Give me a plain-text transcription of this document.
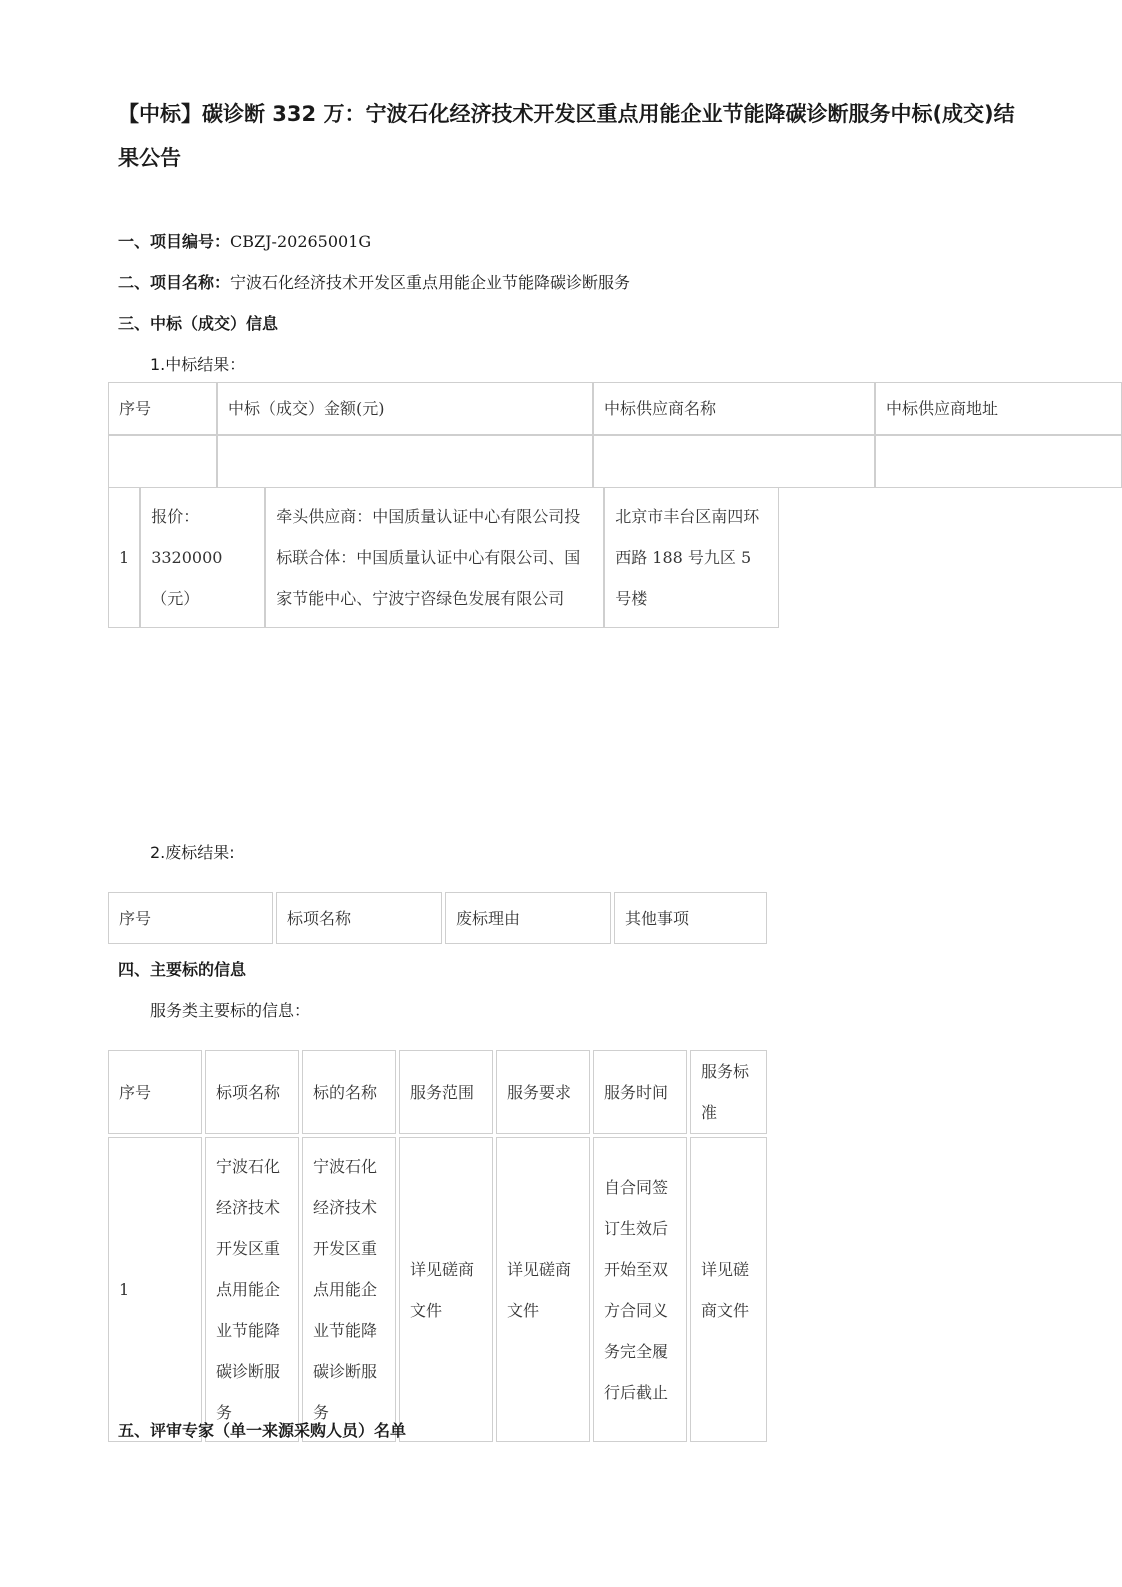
【中标】碳诊断 332 万：宁波石化经济技术开发区重点用能企业节能降碳诊断服务中标(成交)结果公告
一、项目编号：CBZJ-20265001G
二、项目名称：宁波石化经济技术开发区重点用能企业节能降碳诊断服务
三、中标（成交）信息
1.中标结果：
序号	中标（成交）金额(元)	中标供应商名称	中标供应商地址

1	报价：3320000（元）	牵头供应商：中国质量认证中心有限公司投标联合体：中国质量认证中心有限公司、国家节能中心、宁波宁咨绿色发展有限公司	北京市丰台区南四环西路 188 号九区 5 号楼
2.废标结果:
序号	标项名称	废标理由	其他事项
四、主要标的信息
服务类主要标的信息：
序号	标项名称	标的名称	服务范围	服务要求	服务时间	服务标准
1	宁波石化经济技术开发区重点用能企业节能降碳诊断服务	宁波石化经济技术开发区重点用能企业节能降碳诊断服务	详见磋商文件	详见磋商文件	自合同签订生效后开始至双方合同义务完全履行后截止	详见磋商文件
五、评审专家（单一来源采购人员）名单
